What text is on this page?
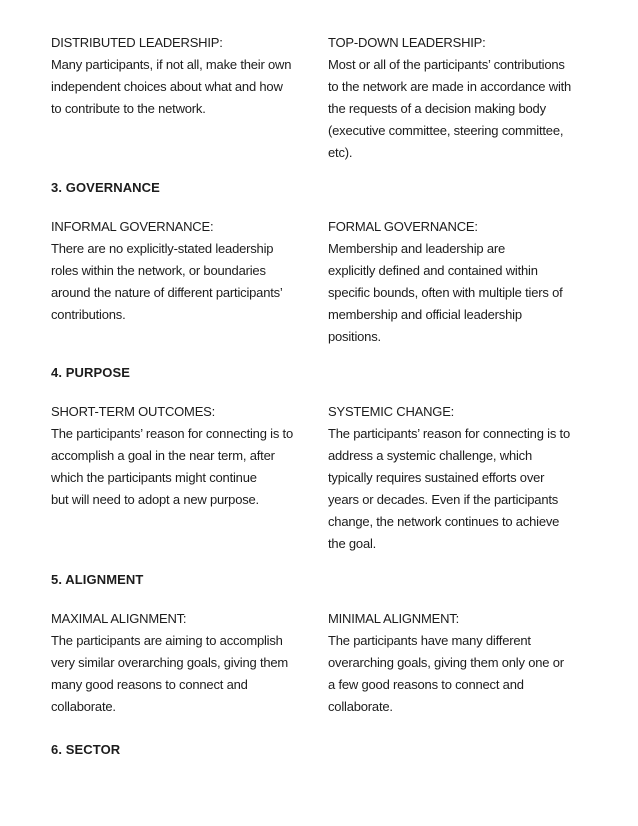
DISTRIBUTED LEADERSHIP:

Many participants, if not all, make their own

independent choices about what and how

to contribute to the network.

TOP-DOWN LEADERSHIP:

Most or all of the participants’ contributions

to the network are made in accordance with

the requests of a decision making body

(executive committee, steering committee,

etc).

3. GOVERNANCE

INFORMAL GOVERNANCE:

There are no explicitly-stated leadership

roles within the network, or boundaries

around the nature of different participants’

contributions.

FORMAL GOVERNANCE:

Membership and leadership are

explicitly defined and contained within

specific bounds, often with multiple tiers of

membership and official leadership

positions.

4. PURPOSE

SHORT-TERM OUTCOMES:

The participants’ reason for connecting is to

accomplish a goal in the near term, after

which the participants might continue

but will need to adopt a new purpose.

SYSTEMIC CHANGE:

The participants’ reason for connecting is to

address a systemic challenge, which

typically requires sustained efforts over

years or decades. Even if the participants

change, the network continues to achieve

the goal.

5. ALIGNMENT

MAXIMAL ALIGNMENT:

The participants are aiming to accomplish

very similar overarching goals, giving them

many good reasons to connect and

collaborate.

MINIMAL ALIGNMENT:

The participants have many different

overarching goals, giving them only one or

a few good reasons to connect and

collaborate.

6. SECTOR
